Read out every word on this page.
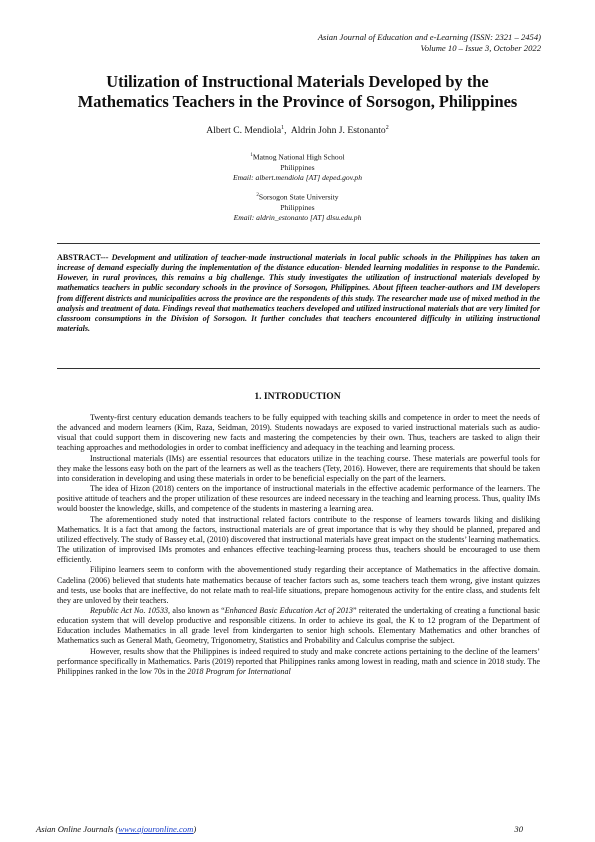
Asian Journal of Education and e-Learning (ISSN: 2321 – 2454)
Volume 10 – Issue 3, October 2022
Utilization of Instructional Materials Developed by the
Mathematics Teachers in the Province of Sorsogon, Philippines
Albert C. Mendiola$^1$,  Aldrin John J. Estonanto$^2$
$^1$Matnog National High School
Philippines
Email: albert.mendiola [AT] deped.gov.ph
$^2$Sorsogon State University
Philippines
Email: aldrin_estonanto [AT] dlsu.edu.ph
ABSTRACT--- Development and utilization of teacher-made instructional materials in local public schools in the Philippines has taken an increase of demand especially during the implementation of the distance education- blended learning modalities in response to the Pandemic. However, in rural provinces, this remains a big challenge. This study investigates the utilization of instructional materials developed by mathematics teachers in public secondary schools in the province of Sorsogon, Philippines. About fifteen teacher-authors and IM developers from different districts and municipalities across the province are the respondents of this study. The researcher made use of mixed method in the analysis and treatment of data. Findings reveal that mathematics teachers developed and utilized instructional materials that are very limited for classroom consumptions in the Division of Sorsogon. It further concludes that teachers encountered difficulty in utilizing instructional materials.
1. INTRODUCTION

Twenty-first century education demands teachers to be fully equipped with teaching skills and competence in order to meet the needs of the advanced and modern learners (Kim, Raza, Seidman, 2019). Students nowadays are exposed to varied instructional materials such as audio-visual that could support them in discovering new facts and mastering the competencies by their own. Thus, teachers are tasked to align their teaching approaches and methodologies in order to combat inefficiency and adequacy in the teaching and learning process.

Instructional materials (IMs) are essential resources that educators utilize in the teaching course. These materials are powerful tools for they make the lessons easy both on the part of the learners as well as the teachers (Tety, 2016). However, there are requirements that should be taken into consideration in developing and using these materials in order to be beneficial especially on the part of the learners.

The idea of Hizon (2018) centers on the importance of instructional materials in the effective academic performance of the learners. The positive attitude of teachers and the proper utilization of these resources are indeed necessary in the teaching and learning process. Thus, quality IMs would booster the knowledge, skills, and competence of the students in mastering a learning area.

The aforementioned study noted that instructional related factors contribute to the response of learners towards liking and disliking Mathematics. It is a fact that among the factors, instructional materials are of great importance that is why they should be planned, prepared and utilized effectively. The study of Bassey et.al, (2010) discovered that instructional materials have great impact on the students’ learning mathematics. The utilization of improvised IMs promotes and enhances effective teaching-learning process thus, teachers should be encouraged to use them efficiently.

Filipino learners seem to conform with the abovementioned study regarding their acceptance of Mathematics in the affective domain. Cadelina (2006) believed that students hate mathematics because of teacher factors such as, some teachers teach them wrong, give instant quizzes and tests, use books that are ineffective, do not relate math to real-life situations, prepare homogenous activity for the entire class, and students felt they are unloved by their teachers.

Republic Act No. 10533, also known as “Enhanced Basic Education Act of 2013” reiterated the undertaking of creating a functional basic education system that will develop productive and responsible citizens. In order to achieve its goal, the K to 12 program of the Department of Education includes Mathematics in all grade level from kindergarten to senior high schools. Elementary Mathematics and other branches of Mathematics such as General Math, Geometry, Trigonometry, Statistics and Probability and Calculus comprise the subject.

However, results show that the Philippines is indeed required to study and make concrete actions pertaining to the decline of the learners’ performance specifically in Mathematics. Paris (2019) reported that Philippines ranks among lowest in reading, math and science in 2018 study. The Philippines ranked in the low 70s in the 2018 Program for International

Asian Online Journals (www.ajouronline.com)	30
